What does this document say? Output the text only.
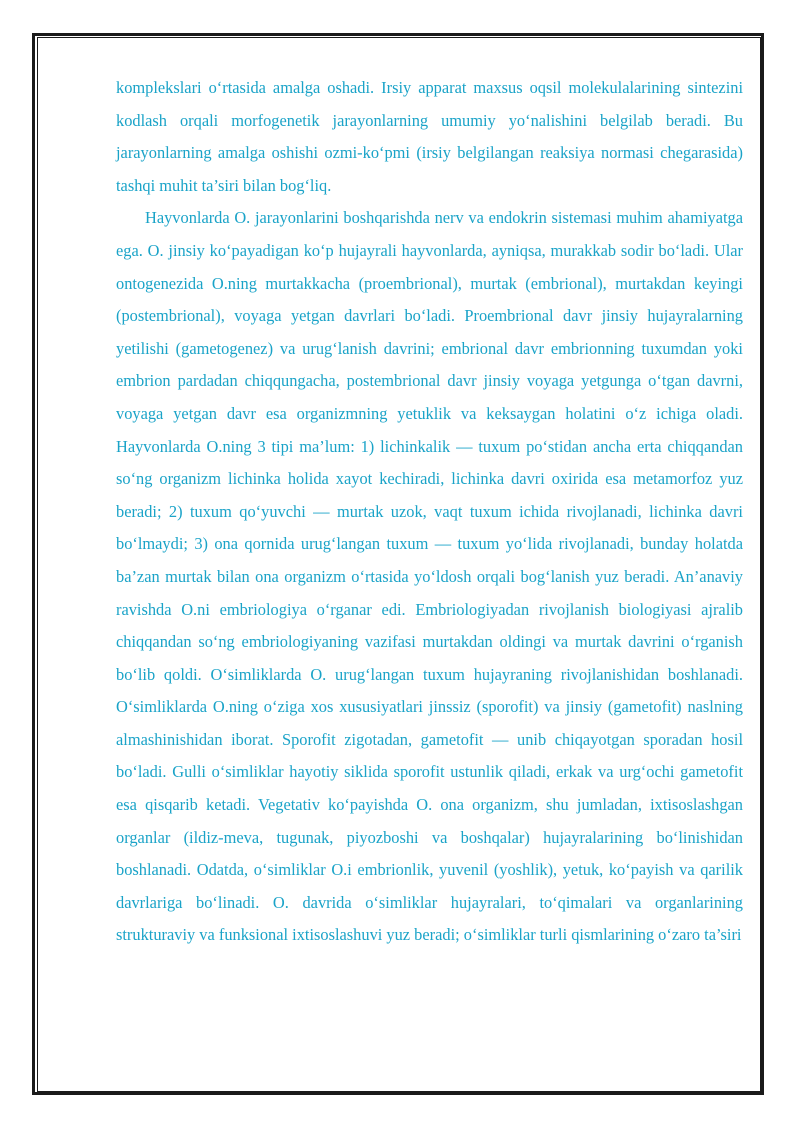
komplekslari o‘rtasida amalga oshadi. Irsiy apparat maxsus oqsil molekulalarining sintezini kodlash orqali morfogenetik jarayonlarning umumiy yo‘nalishini belgilab beradi. Bu jarayonlarning amalga oshishi ozmi-ko‘pmi (irsiy belgilangan reaksiya normasi chegarasida) tashqi muhit ta’siri bilan bog‘liq.

Hayvonlarda O. jarayonlarini boshqarishda nerv va endokrin sistemasi muhim ahamiyatga ega. O. jinsiy ko‘payadigan ko‘p hujayrali hayvonlarda, ayniqsa, murakkab sodir bo‘ladi. Ular ontogenezida O.ning murtakkacha (proembrional), murtak (embrional), murtakdan keyingi (postembrional), voyaga yetgan davrlari bo‘ladi. Proembrional davr jinsiy hujayralarning yetilishi (gametogenez) va urug‘lanish davrini; embrional davr embrionning tuxumdan yoki embrion pardadan chiqqungacha, postembrional davr jinsiy voyaga yetgunga o‘tgan davrni, voyaga yetgan davr esa organizmning yetuklik va keksaygan holatini o‘z ichiga oladi. Hayvonlarda O.ning 3 tipi ma’lum: 1) lichinkalik — tuxum po‘stidan ancha erta chiqqandan so‘ng organizm lichinka holida xayot kechiradi, lichinka davri oxirida esa metamorfoz yuz beradi; 2) tuxum qo‘yuvchi — murtak uzok, vaqt tuxum ichida rivojlanadi, lichinka davri bo‘lmaydi; 3) ona qornida urug‘langan tuxum — tuxum yo‘lida rivojlanadi, bunday holatda ba’zan murtak bilan ona organizm o‘rtasida yo‘ldosh orqali bog‘lanish yuz beradi. An’anaviy ravishda O.ni embriologiya o‘rganar edi. Embriologiyadan rivojlanish biologiyasi ajralib chiqqandan so‘ng embriologiyaning vazifasi murtakdan oldingi va murtak davrini o‘rganish bo‘lib qoldi. O‘simliklarda O. urug‘langan tuxum hujayraning rivojlanishidan boshlanadi. O‘simliklarda O.ning o‘ziga xos xususiyatlari jinssiz (sporofit) va jinsiy (gametofit) naslning almashinishidan iborat. Sporofit zigotadan, gametofit — unib chiqayotgan sporadan hosil bo‘ladi. Gulli o‘simliklar hayotiy siklida sporofit ustunlik qiladi, erkak va urg‘ochi gametofit esa qisqarib ketadi. Vegetativ ko‘payishda O. ona organizm, shu jumladan, ixtisoslashgan organlar (ildiz-meva, tugunak, piyozboshi va boshqalar) hujayralarining bo‘linishidan boshlanadi. Odatda, o‘simliklar O.i embrionlik, yuvenil (yoshlik), yetuk, ko‘payish va qarilik davrlariga bo‘linadi. O. davrida o‘simliklar hujayralari, to‘qimalari va organlarining strukturaviy va funksional ixtisoslashuvi yuz beradi; o‘simliklar turli qismlarining o‘zaro ta’siri
